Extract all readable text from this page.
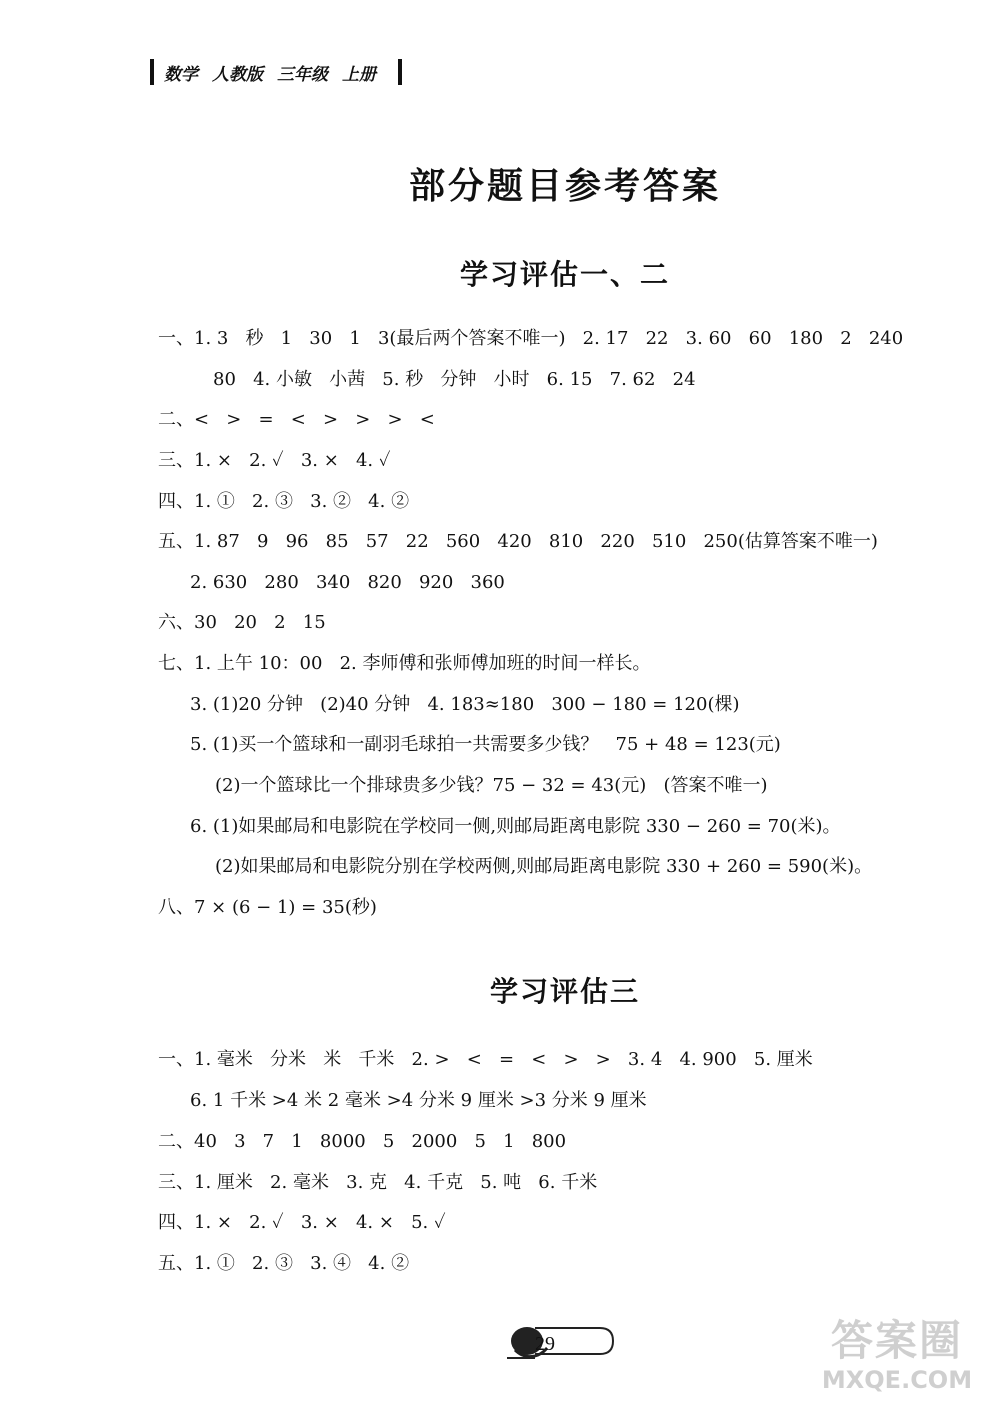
数学 人教版 三年级 上册
部分题目参考答案
学习评估一、二
一、1. 3   秒   1   30   1   3(最后两个答案不唯一)   2. 17   22   3. 60   60   180   2   240
80   4. 小敏   小茜   5. 秒   分钟   小时   6. 15   7. 62   24
二、<   >   =   <   >   >   >   <
三、1. ×   2. ✓   3. ×   4. ✓
四、1. ①   2. ③   3. ②   4. ②
五、1. 87   9   96   85   57   22   560   420   810   220   510   250(估算答案不唯一)
2. 630   280   340   820   920   360
六、30   20   2   15
七、1. 上午 10：00   2. 李师傅和张师傅加班的时间一样长。
3. (1)20 分钟   (2)40 分钟   4. 183≈180   300 − 180 = 120(棵)
5. (1)买一个篮球和一副羽毛球拍一共需要多少钱？   75 + 48 = 123(元)
(2)一个篮球比一个排球贵多少钱？75 − 32 = 43(元)   (答案不唯一)
6. (1)如果邮局和电影院在学校同一侧,则邮局距离电影院 330 − 260 = 70(米)。
(2)如果邮局和电影院分别在学校两侧,则邮局距离电影院 330 + 260 = 590(米)。
八、7 × (6 − 1) = 35(秒)
学习评估三
一、1. 毫米   分米   米   千米   2. >   <   =   <   >   >   3. 4   4. 900   5. 厘米
6. 1 千米 >4 米 2 毫米 >4 分米 9 厘米 >3 分米 9 厘米
二、40   3   7   1   8000   5   2000   5   1   800
三、1. 厘米   2. 毫米   3. 克   4. 千克   5. 吨   6. 千米
四、1. ×   2. ✓   3. ×   4. ×   5. ✓
五、1. ①   2. ③   3. ④   4. ②
29	答案圈
MXQE.COM
